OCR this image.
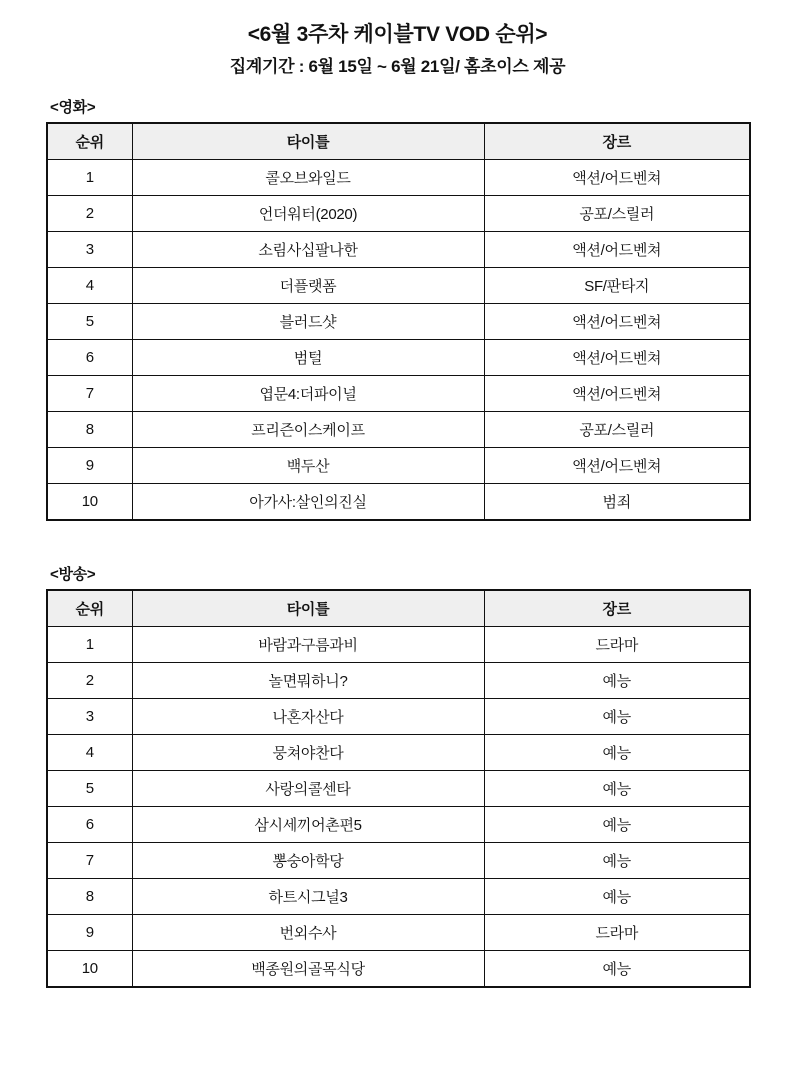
<6월 3주차 케이블TV VOD 순위>
집계기간 : 6월 15일 ~ 6월 21일/ 홈초이스 제공
<영화>
순위	타이틀	장르
1	콜오브와일드	액션/어드벤쳐
2	언더워터(2020)	공포/스릴러
3	소림사십팔나한	액션/어드벤쳐
4	더플랫폼	SF/판타지
5	블러드샷	액션/어드벤쳐
6	범털	액션/어드벤쳐
7	엽문4:더파이널	액션/어드벤쳐
8	프리즌이스케이프	공포/스릴러
9	백두산	액션/어드벤쳐
10	아가사:살인의진실	범죄
<방송>
순위	타이틀	장르
1	바람과구름과비	드라마
2	놀면뭐하니?	예능
3	나혼자산다	예능
4	뭉쳐야찬다	예능
5	사랑의콜센타	예능
6	삼시세끼어촌편5	예능
7	뽕숭아학당	예능
8	하트시그널3	예능
9	번외수사	드라마
10	백종원의골목식당	예능
